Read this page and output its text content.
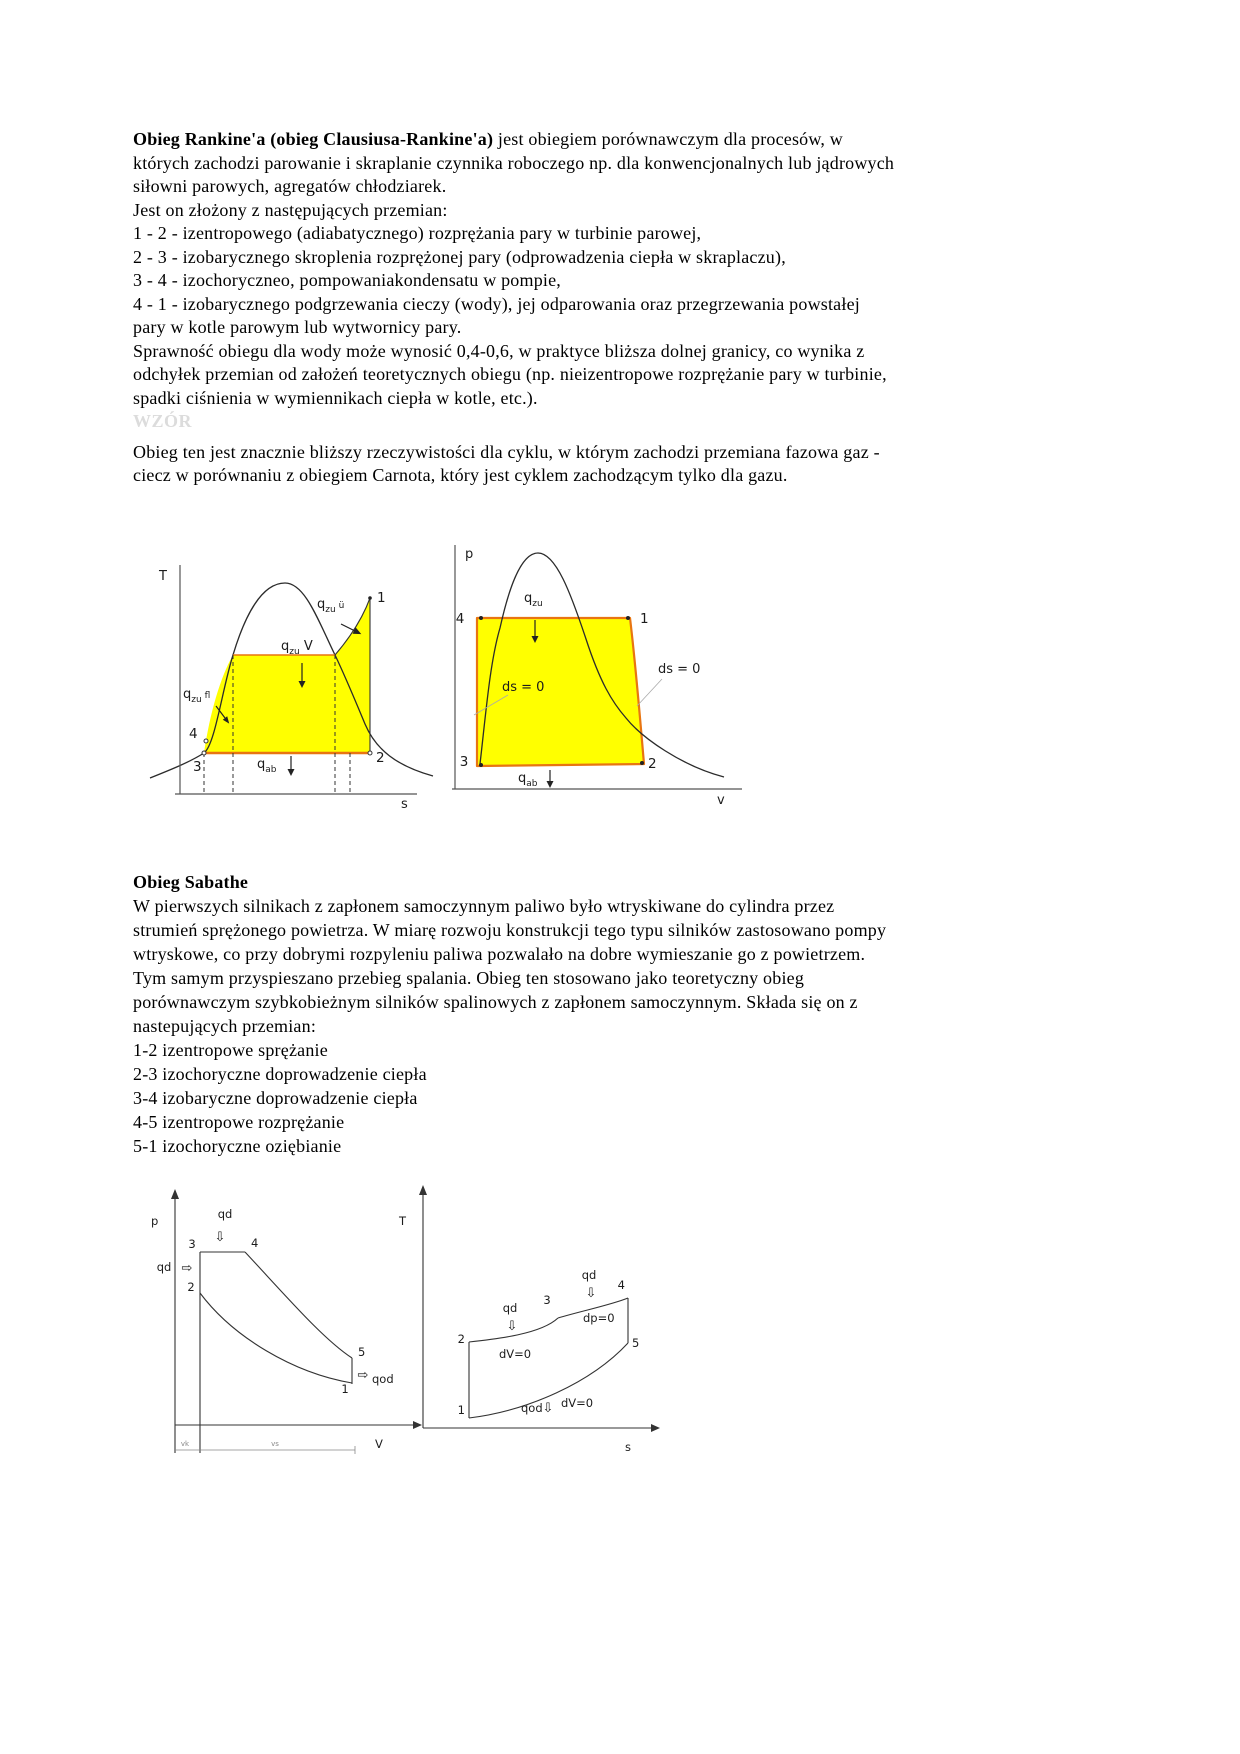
Obieg Rankine'a (obieg Clausiusa-Rankine'a) jest obiegiem porównawczym dla procesów, w
których zachodzi parowanie i skraplanie czynnika roboczego np. dla konwencjonalnych lub jądrowych
siłowni parowych, agregatów chłodziarek.
Jest on złożony z następujących przemian:
1 - 2 - izentropowego (adiabatycznego) rozprężania pary w turbinie parowej,
2 - 3 - izobarycznego skroplenia rozprężonej pary (odprowadzenia ciepła w skraplaczu),
3 - 4 - izochoryczneo, pompowaniakondensatu w pompie,
4 - 1 - izobarycznego podgrzewania cieczy (wody), jej odparowania oraz przegrzewania powstałej
pary w kotle parowym lub wytwornicy pary.
Sprawność obiegu dla wody może wynosić 0,4-0,6, w praktyce bliższa dolnej granicy, co wynika z
odchyłek przemian od założeń teoretycznych obiegu (np. nieizentropowe rozprężanie pary w turbinie,
spadki ciśnienia w wymiennikach ciepła w kotle, etc.).
WZÓR
Obieg ten jest znacznie bliższy rzeczywistości dla cyklu, w którym zachodzi przemiana fazowa gaz -
ciecz w porównaniu z obiegiem Carnota, który jest cyklem zachodzącym tylko dla gazu.
T
s
1
2
3
4
$q_{zu}$ $^ü$
$q_{zu}$ V
$q_{zu}$ $^{fl}$
$q_{ab}$
p
v
4	1
3	2
$q_{zu}$
ds = 0
ds = 0
$q_{ab}$
Obieg Sabathe
W pierwszych silnikach z zapłonem samoczynnym paliwo było wtryskiwane do cylindra przez
strumień sprężonego powietrza. W miarę rozwoju konstrukcji tego typu silników zastosowano pompy
wtryskowe, co przy dobrymi rozpyleniu paliwa pozwalało na dobre wymieszanie go z powietrzem.
Tym samym przyspieszano przebieg spalania. Obieg ten stosowano jako teoretyczny obieg
porównawczym szybkobieżnym silników spalinowych z zapłonem samoczynnym. Składa się on z
nastepujących przemian:
1-2 izentropowe sprężanie
2-3 izochoryczne doprowadzenie ciepła
3-4 izobaryczne doprowadzenie ciepła
4-5 izentropowe rozprężanie
5-1 izochoryczne oziębianie
vk	vs
p
V
3	4
2
5
1
qd
⇩
qd ⇨
⇨ qod
T
s
2
3
4
5
1
qd
⇩
dV=0
qd
⇩
dp=0
qod ⇩ dV=0
